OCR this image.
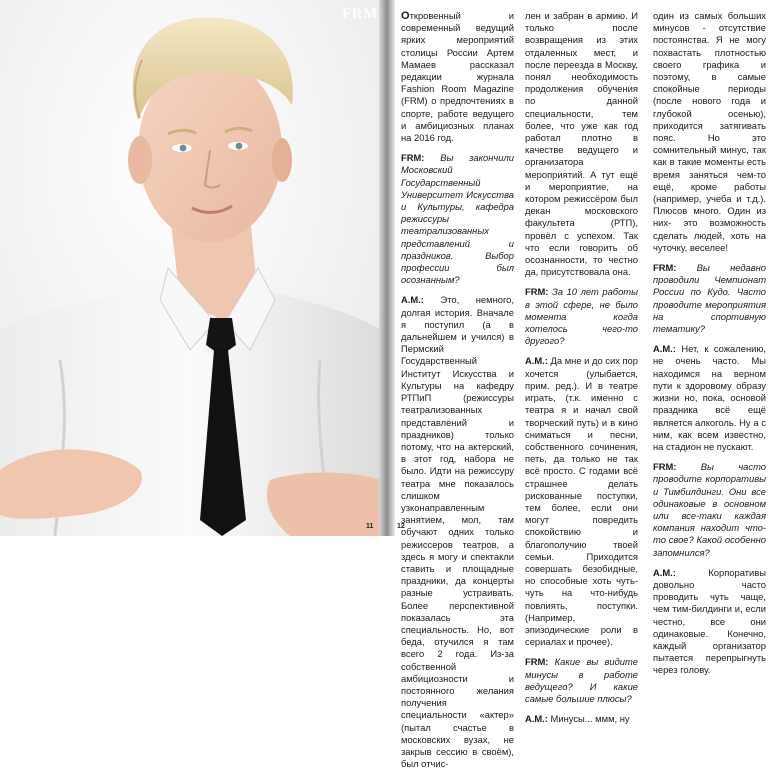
FRM
11

Откровенный и современный ведущий ярких мероприятий столицы России Артем Мамаев рассказал редакции журнала Fashion Room Magazine (FRM) о предпочтениях в спорте, работе ведущего и амбициозных планах на 2016 год.

FRM: Вы закончили Московский Государственный Университет Искусства и Культуры, кафедра режиссуры театрализованных представлений и праздников. Выбор профессии был осознанным?

А.М.: Это, немного, долгая история. Вначале я поступил (а в дальнейшем и учился) в Пермский Государственный Институт Искусства и Культуры на кафедру РТПиП (режиссуры театрализованных представлений и праздников) только потому, что на актерский, в этот год, набора не было. Идти на режиссуру театра мне показалось слишком узконаправленным занятием, мол, там обучают одних только режиссеров театров, а здесь я могу и спектакли ставить и площадные праздники, да концерты разные устраивать. Более перспективной показалась эта специальность. Но, вот беда, отучился я там всего 2 года. Из-за собственной амбициозности и постоянного желания получения специальности «актер» (пытал счастье в московских вузах, не закрыв сессию в своём), был отчис-

лен и забран в армию. И только после возвращения из этих отдаленных мест, и после переезда в Москву, понял необходимость продолжения обучения по данной специальности, тем более, что уже как год работал плотно в качестве ведущего и организатора мероприятий. А тут ещё и мероприятие, на котором режиссёром был декан московского факультета (РТП), провёл с успехом. Так что если говорить об осознанности, то честно да, присутствовала она.

FRM: За 10 лет работы в этой сфере, не было момента когда хотелось чего-то другого?

А.М.: Да мне и до сих пор хочется (улыбается, прим. ред.). И в театре играть, (т.к. именно с театра я и начал свой творческий путь) и в кино сниматься и песни, собственного сочинения, петь, да только не так всё просто. С годами всё страшнее делать рискованные поступки, тем более, если они могут повредить спокойствию и благополучию твоей семьи. Приходится совершать безобидные, но способные хоть чуть-чуть на что-нибудь повлиять, поступки. (Например, эпизодические роли в сериалах и прочее).

FRM: Какие вы видите минусы в работе ведущего? И какие самые большие плюсы?

А.М.: Минусы... ммм, ну

один из самых больших минусов - отсутствие постоянства. Я не могу похвастать плотностью своего графика и поэтому, в самые спокойные периоды (после нового года и глубокой осенью), приходится затягивать пояс. Но это сомнительный минус, так как в такие моменты есть время заняться чем-то ещё, кроме работы (например, учеба и т.д.). Плюсов много. Один из них- это возможность сделать людей, хоть на чуточку, веселее!

FRM: Вы недавно проводили Чемпионат России по Кудо. Часто проводите мероприятия на спортивную тематику?

А.М.: Нет, к сожалению, не очень часто. Мы находимся на верном пути к здоровому образу жизни но, пока, основой праздника всё ещё является алкоголь. Ну а с ним, как всем известно, на стадион не пускают.

FRM: Вы часто проводите корпоративы и Тимбилдинги. Они все одинаковые в основном или все-таки каждая компания находит что-то свое? Какой особенно запомнился?

А.М.: Корпоративы довольно часто проводить чуть чаще, чем тим-билдинги и, если честно, все они одинаковые. Конечно, каждый организатор пытается перепрыгнуть через голову.

12
